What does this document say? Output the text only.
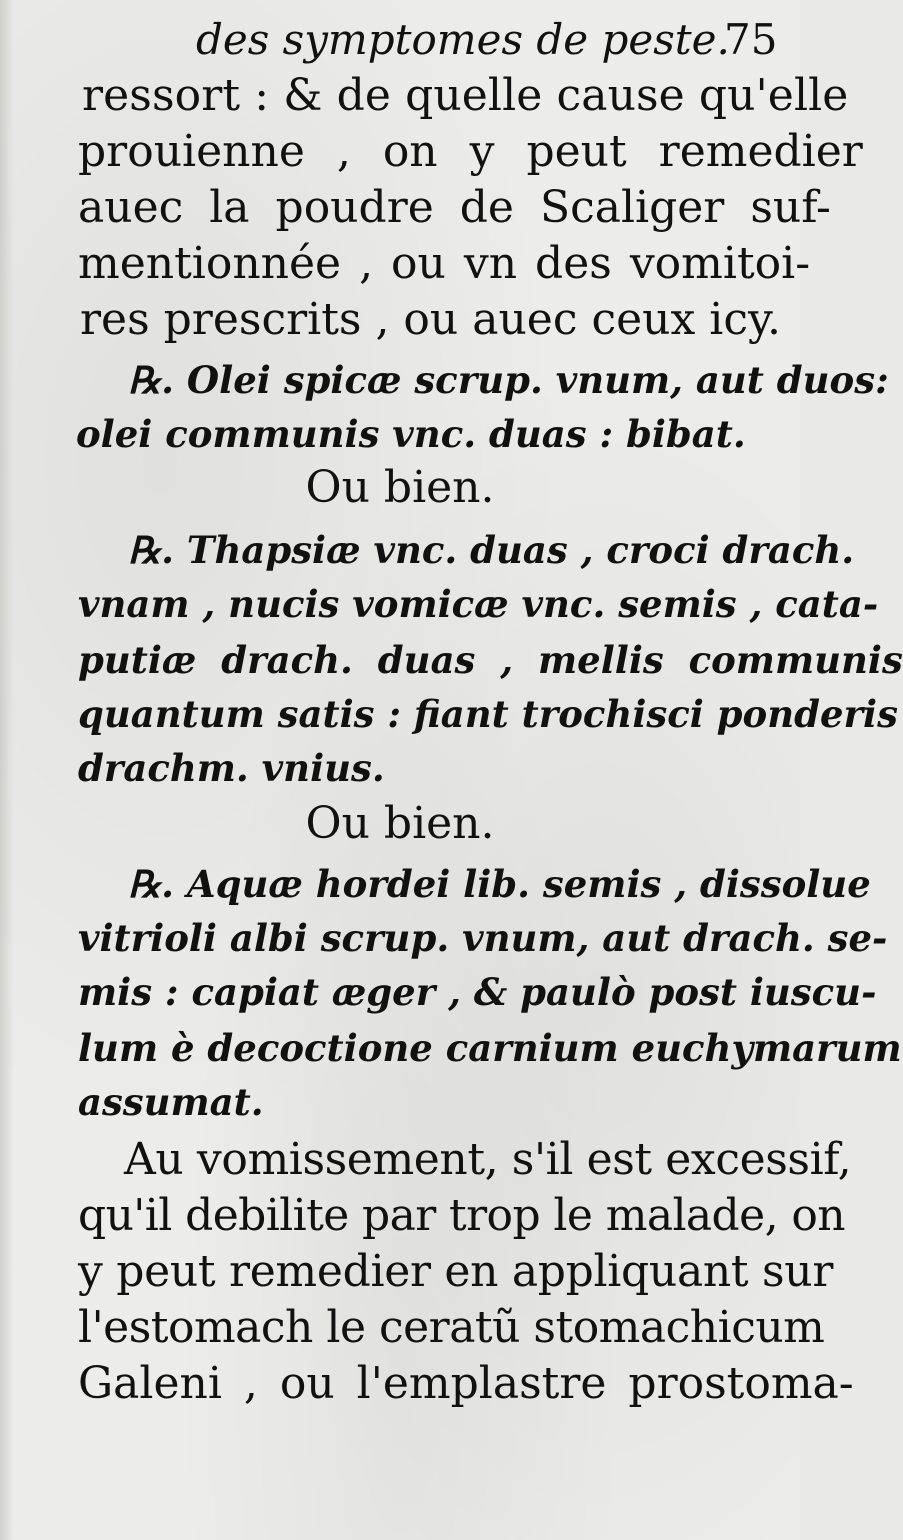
des symptomes de peste.
75

ressort : & de quelle cause qu'elle

prouienne , on y peut remedier

auec la poudre de Scaliger suf-

mentionnée , ou vn des vomitoi-

res prescrits , ou auec ceux icy.

℞. Olei spicæ scrup. vnum, aut duos:

olei communis vnc. duas : bibat.

Ou bien.

℞. Thapsiæ vnc. duas , croci drach.

vnam , nucis vomicæ vnc. semis , cata-

putiæ drach. duas , mellis communis

quantum satis : fiant trochisci ponderis

drachm. vnius.

Ou bien.

℞. Aquæ hordei lib. semis , dissolue

vitrioli albi scrup. vnum, aut drach. se-

mis : capiat æger , & paulò post iuscu-

lum è decoctione carnium euchymarum

assumat.

Au vomissement, s'il est excessif,

qu'il debilite par trop le malade, on

y peut remedier en appliquant sur

l'estomach le ceratũ stomachicum

Galeni , ou l'emplastre prostoma-
